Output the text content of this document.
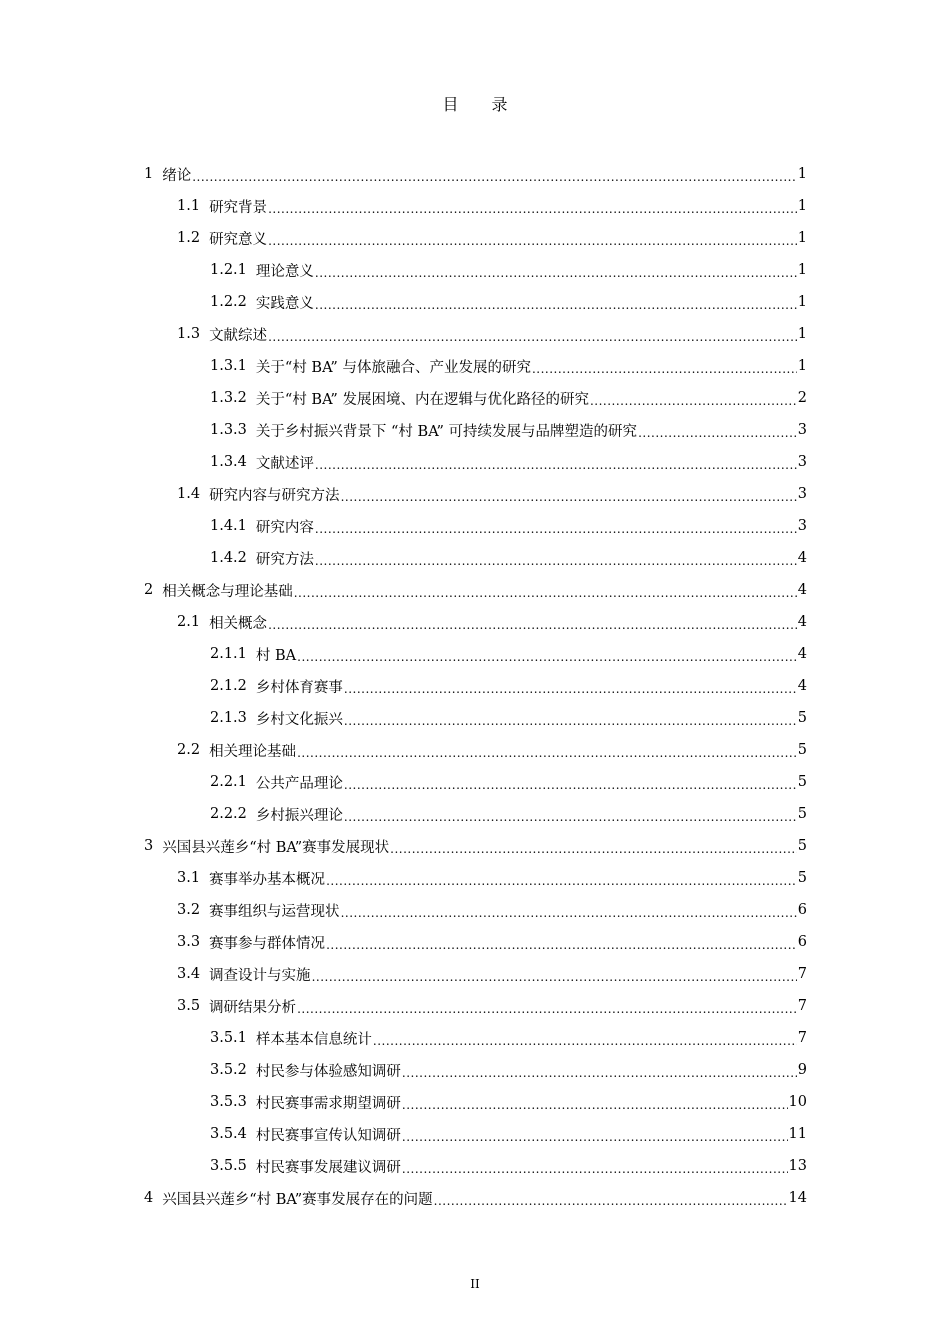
目 录
1 绪论 .....	1
1.1 研究背景 .....	1
1.2 研究意义 .....	1
1.2.1 理论意义 .....	1
1.2.2 实践意义 .....	1
1.3 文献综述 .....	1
1.3.1 关于“村 BA” 与体旅融合、产业发展的研究 .....	1
1.3.2 关于“村 BA” 发展困境、内在逻辑与优化路径的研究 .....	2
1.3.3 关于乡村振兴背景下 “村 BA” 可持续发展与品牌塑造的研究 .....	3
1.3.4 文献述评 .....	3
1.4 研究内容与研究方法 .....	3
1.4.1 研究内容 .....	3
1.4.2 研究方法 .....	4
2 相关概念与理论基础 .....	4
2.1 相关概念 .....	4
2.1.1 村 BA .....	4
2.1.2 乡村体育赛事 .....	4
2.1.3 乡村文化振兴 .....	5
2.2 相关理论基础 .....	5
2.2.1 公共产品理论 .....	5
2.2.2 乡村振兴理论 .....	5
3 兴国县兴莲乡“村 BA”赛事发展现状 .....	5
3.1 赛事举办基本概况 .....	5
3.2 赛事组织与运营现状 .....	6
3.3 赛事参与群体情况 .....	6
3.4 调查设计与实施 .....	7
3.5 调研结果分析 .....	7
3.5.1 样本基本信息统计 .....	7
3.5.2 村民参与体验感知调研 .....	9
3.5.3 村民赛事需求期望调研 .....	10
3.5.4 村民赛事宣传认知调研 .....	11
3.5.5 村民赛事发展建议调研 .....	13
4 兴国县兴莲乡“村 BA”赛事发展存在的问题 .....	14
II
